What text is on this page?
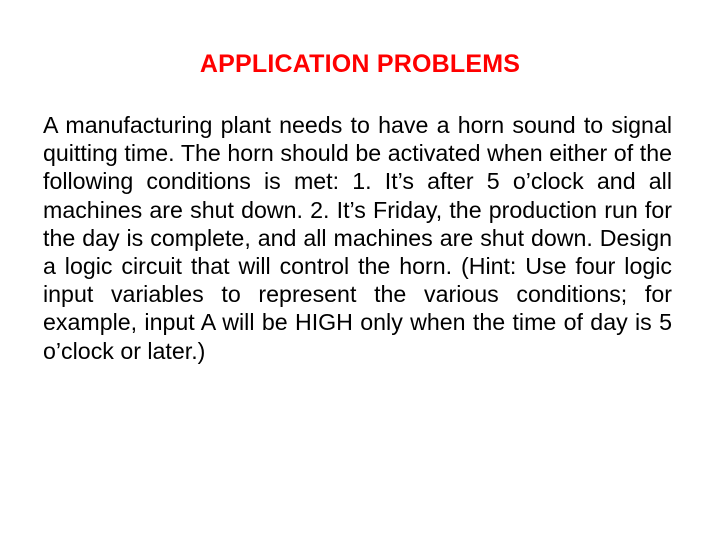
APPLICATION PROBLEMS

A manufacturing plant needs to have a horn sound to signal quitting time. The horn should be activated when either of the following conditions is met: 1. It’s after 5 o’clock and all machines are shut down. 2. It’s Friday, the production run for the day is complete, and all machines are shut down. Design a logic circuit that will control the horn. (Hint: Use four logic input variables to represent the various conditions; for example, input A will be HIGH only when the time of day is 5 o’clock or later.)
